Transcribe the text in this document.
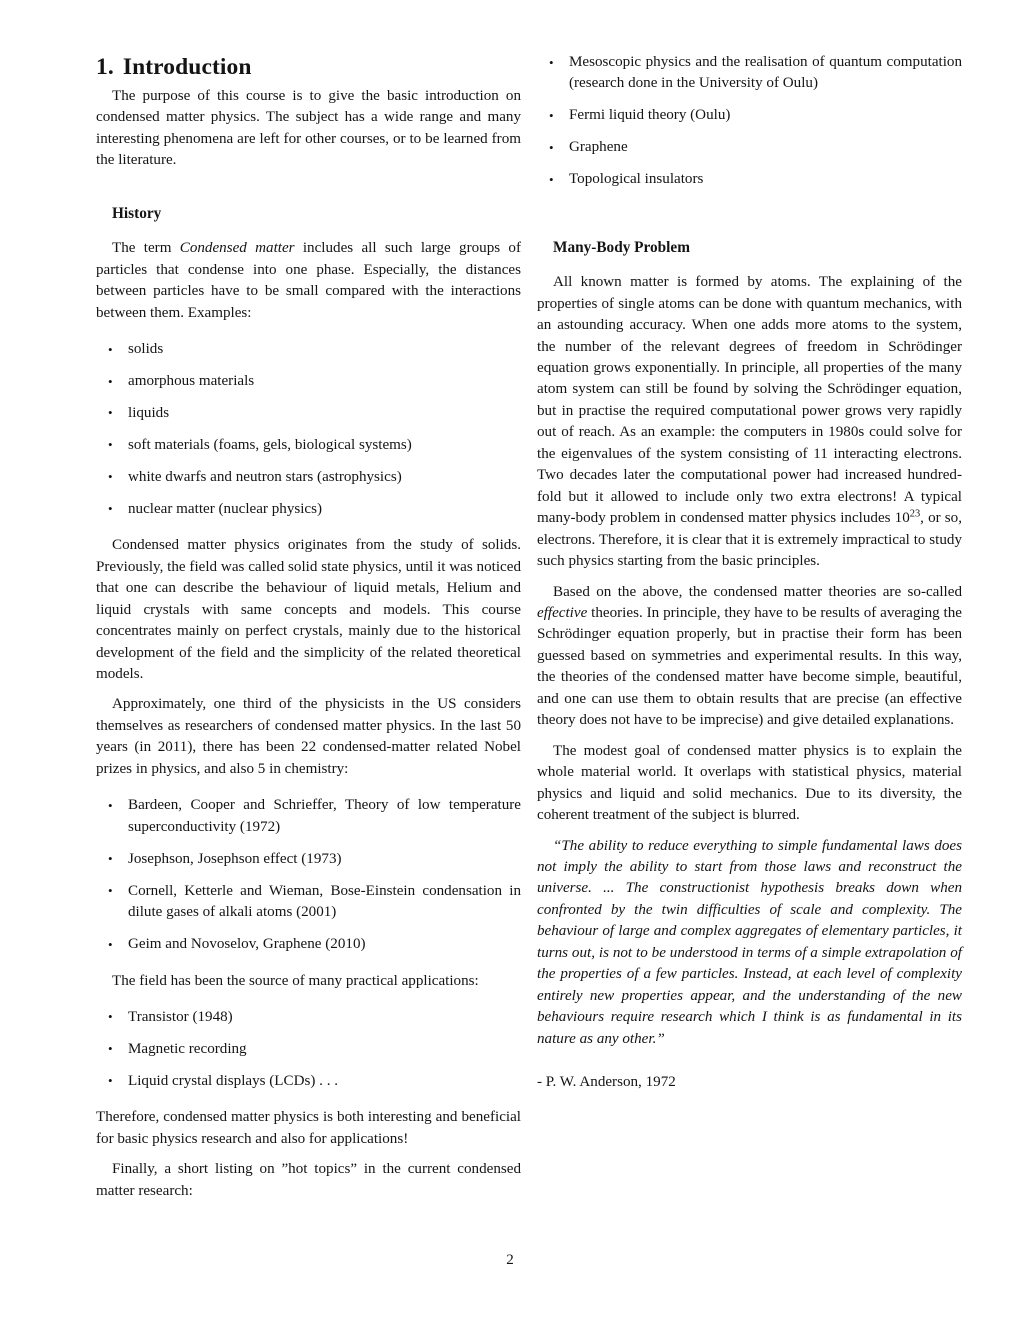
1. Introduction

The purpose of this course is to give the basic introduction on condensed matter physics. The subject has a wide range and many interesting phenomena are left for other courses, or to be learned from the literature.

History

The term Condensed matter includes all such large groups of particles that condense into one phase. Especially, the distances between particles have to be small compared with the interactions between them. Examples:

• solids
• amorphous materials
• liquids
• soft materials (foams, gels, biological systems)
• white dwarfs and neutron stars (astrophysics)
• nuclear matter (nuclear physics)

Condensed matter physics originates from the study of solids. Previously, the field was called solid state physics, until it was noticed that one can describe the behaviour of liquid metals, Helium and liquid crystals with same concepts and models. This course concentrates mainly on perfect crystals, mainly due to the historical development of the field and the simplicity of the related theoretical models.

Approximately, one third of the physicists in the US considers themselves as researchers of condensed matter physics. In the last 50 years (in 2011), there has been 22 condensed-matter related Nobel prizes in physics, and also 5 in chemistry:

• Bardeen, Cooper and Schrieffer, Theory of low temperature superconductivity (1972)
• Josephson, Josephson effect (1973)
• Cornell, Ketterle and Wieman, Bose-Einstein condensation in dilute gases of alkali atoms (2001)
• Geim and Novoselov, Graphene (2010)

The field has been the source of many practical applications:

• Transistor (1948)
• Magnetic recording
• Liquid crystal displays (LCDs) . . .

Therefore, condensed matter physics is both interesting and beneficial for basic physics research and also for applications!

Finally, a short listing on ”hot topics” in the current condensed matter research:

• Mesoscopic physics and the realisation of quantum computation (research done in the University of Oulu)
• Fermi liquid theory (Oulu)
• Graphene
• Topological insulators
Many-Body Problem

All known matter is formed by atoms. The explaining of the properties of single atoms can be done with quantum mechanics, with an astounding accuracy. When one adds more atoms to the system, the number of the relevant degrees of freedom in Schrödinger equation grows exponentially. In principle, all properties of the many atom system can still be found by solving the Schrödinger equation, but in practise the required computational power grows very rapidly out of reach. As an example: the computers in 1980s could solve for the eigenvalues of the system consisting of 11 interacting electrons. Two decades later the computational power had increased hundred-fold but it allowed to include only two extra electrons! A typical many-body problem in condensed matter physics includes $10^{23}$, or so, electrons. Therefore, it is clear that it is extremely impractical to study such physics starting from the basic principles.

Based on the above, the condensed matter theories are so-called effective theories. In principle, they have to be results of averaging the Schrödinger equation properly, but in practise their form has been guessed based on symmetries and experimental results. In this way, the theories of the condensed matter have become simple, beautiful, and one can use them to obtain results that are precise (an effective theory does not have to be imprecise) and give detailed explanations.

The modest goal of condensed matter physics is to explain the whole material world. It overlaps with statistical physics, material physics and liquid and solid mechanics. Due to its diversity, the coherent treatment of the subject is blurred.

“The ability to reduce everything to simple fundamental laws does not imply the ability to start from those laws and reconstruct the universe. ... The constructionist hypothesis breaks down when confronted by the twin difficulties of scale and complexity. The behaviour of large and complex aggregates of elementary particles, it turns out, is not to be understood in terms of a simple extrapolation of the properties of a few particles. Instead, at each level of complexity entirely new properties appear, and the understanding of the new behaviours require research which I think is as fundamental in its nature as any other.”

- P. W. Anderson, 1972

2
